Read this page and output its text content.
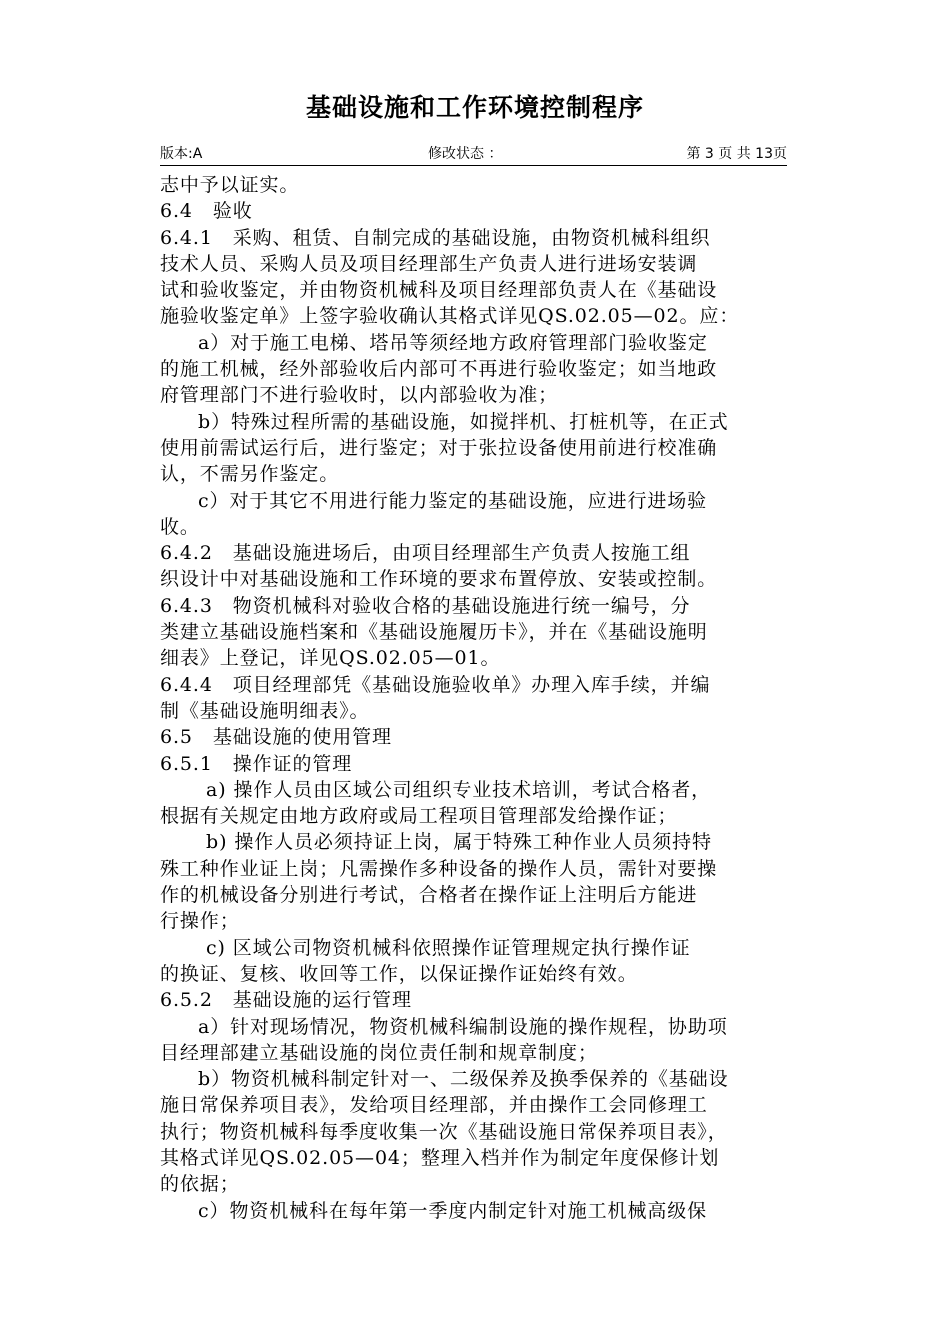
基础设施和工作环境控制程序
版本:A	修改状态 ：	第 3 页 共 13页
志中予以证实。
6.4　验收
6.4.1　采购、租赁、自制完成的基础设施，由物资机械科组织
技术人员、采购人员及项目经理部生产负责人进行进场安装调
试和验收鉴定，并由物资机械科及项目经理部负责人在《基础设
施验收鉴定单》上签字验收确认其格式详见QS.02.05—02。应：
a）对于施工电梯、塔吊等须经地方政府管理部门验收鉴定
的施工机械，经外部验收后内部可不再进行验收鉴定；如当地政
府管理部门不进行验收时，以内部验收为准；
b）特殊过程所需的基础设施，如搅拌机、打桩机等，在正式
使用前需试运行后，进行鉴定；对于张拉设备使用前进行校准确
认，不需另作鉴定。
c）对于其它不用进行能力鉴定的基础设施，应进行进场验
收。
6.4.2　基础设施进场后，由项目经理部生产负责人按施工组
织设计中对基础设施和工作环境的要求布置停放、安装或控制。
6.4.3　物资机械科对验收合格的基础设施进行统一编号，分
类建立基础设施档案和《基础设施履历卡》，并在《基础设施明
细表》上登记，详见QS.02.05—01。
6.4.4　项目经理部凭《基础设施验收单》办理入库手续，并编
制《基础设施明细表》。
6.5　基础设施的使用管理
6.5.1　操作证的管理
a) 操作人员由区域公司组织专业技术培训，考试合格者，
根据有关规定由地方政府或局工程项目管理部发给操作证；
b) 操作人员必须持证上岗，属于特殊工种作业人员须持特
殊工种作业证上岗；凡需操作多种设备的操作人员，需针对要操
作的机械设备分别进行考试，合格者在操作证上注明后方能进
行操作；
c) 区域公司物资机械科依照操作证管理规定执行操作证
的换证、复核、收回等工作，以保证操作证始终有效。
6.5.2　基础设施的运行管理
a）针对现场情况，物资机械科编制设施的操作规程，协助项
目经理部建立基础设施的岗位责任制和规章制度；
b）物资机械科制定针对一、二级保养及换季保养的《基础设
施日常保养项目表》，发给项目经理部，并由操作工会同修理工
执行；物资机械科每季度收集一次《基础设施日常保养项目表》，
其格式详见QS.02.05—04；整理入档并作为制定年度保修计划
的依据；
c）物资机械科在每年第一季度内制定针对施工机械高级保
